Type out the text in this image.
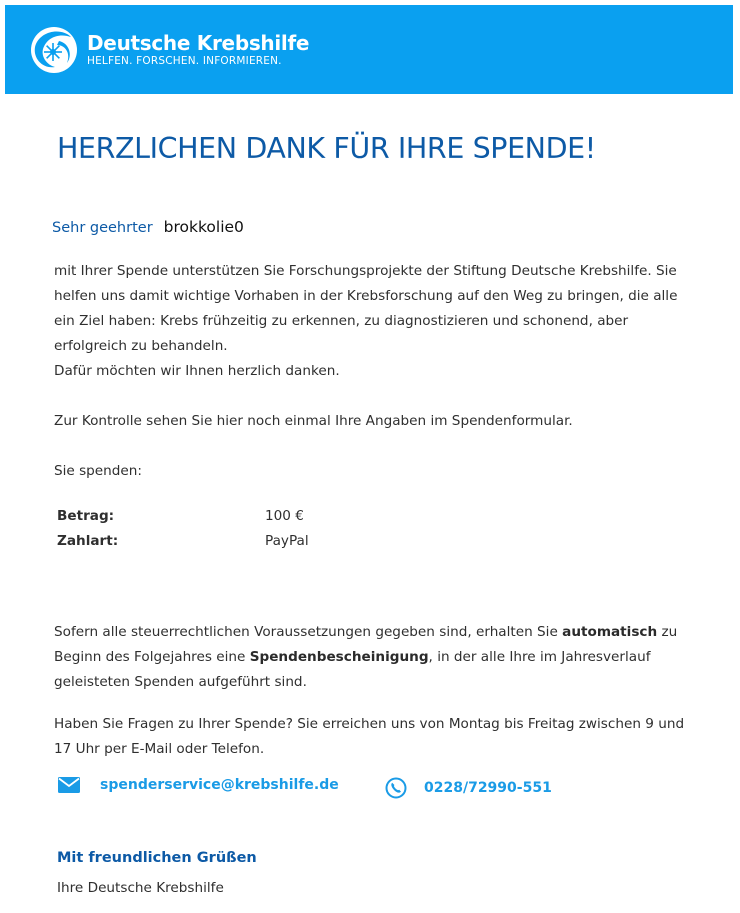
Deutsche Krebshilfe
HELFEN. FORSCHEN. INFORMIEREN.
HERZLICHEN DANK FÜR IHRE SPENDE!
Sehr geehrter brokkolie0

mit Ihrer Spende unterstützen Sie Forschungsprojekte der Stiftung Deutsche Krebshilfe. Sie helfen uns damit wichtige Vorhaben in der Krebsforschung auf den Weg zu bringen, die alle ein Ziel haben: Krebs frühzeitig zu erkennen, zu diagnostizieren und schonend, aber erfolgreich zu behandeln.

Dafür möchten wir Ihnen herzlich danken.

Zur Kontrolle sehen Sie hier noch einmal Ihre Angaben im Spendenformular.
Sie spenden:
Betrag:	100 €
Zahlart:	PayPal
Sofern alle steuerrechtlichen Voraussetzungen gegeben sind, erhalten Sie automatisch zu Beginn des Folgejahres eine Spendenbescheinigung, in der alle Ihre im Jahresverlauf geleisteten Spenden aufgeführt sind.
Haben Sie Fragen zu Ihrer Spende? Sie erreichen uns von Montag bis Freitag zwischen 9 und 17 Uhr per E-Mail oder Telefon.
spenderservice@krebshilfe.de	0228/72990-551
Mit freundlichen Grüßen
Ihre Deutsche Krebshilfe
